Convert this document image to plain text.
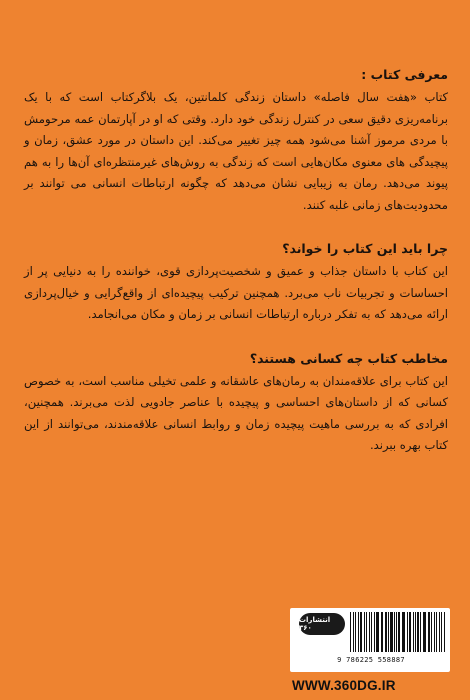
معرفی کتاب :

کتاب «هفت سال فاصله» داستان زندگی کلمانتین، یک بلاگرکتاب است که با یک برنامه‌ریزی دقیق سعی در کنترل زندگی خود دارد. وقتی که او در آپارتمان عمه مرحومش با مردی مرموز آشنا می‌شود همه چیز تغییر می‌کند. این داستان در مورد عشق، زمان و پیچیدگی های معنوی مکان‌هایی است که زندگی به روش‌های غیرمنتظره‌ای آن‌ها را به هم پیوند می‌دهد. رمان به زیبایی نشان می‌دهد که چگونه ارتباطات انسانی می توانند بر محدودیت‌های زمانی غلبه کنند.

چرا باید این کتاب را خواند؟

این کتاب با داستان جذاب و عمیق و شخصیت‌پردازی قوی، خواننده را به دنیایی پر از احساسات و تجربیات ناب می‌برد. همچنین ترکیب پیچیده‌ای از واقع‌گرایی و خیال‌پردازی ارائه می‌دهد که به تفکر درباره ارتباطات انسانی بر زمان و مکان می‌انجامد.

مخاطب کتاب چه کسانی هستند؟

این کتاب برای علاقه‌مندان به رمان‌های عاشقانه و علمی تخیلی مناسب است، به خصوص کسانی که از داستان‌های احساسی و پیچیده با عناصر جادویی لذت می‌برند. همچنین، افرادی که به بررسی ماهیت پیچیده زمان و روابط انسانی علاقه‌مندند، می‌توانند از این کتاب بهره ببرند.

انتشارات ۳۶۰
9 786225 558887
WWW.360DG.IR
